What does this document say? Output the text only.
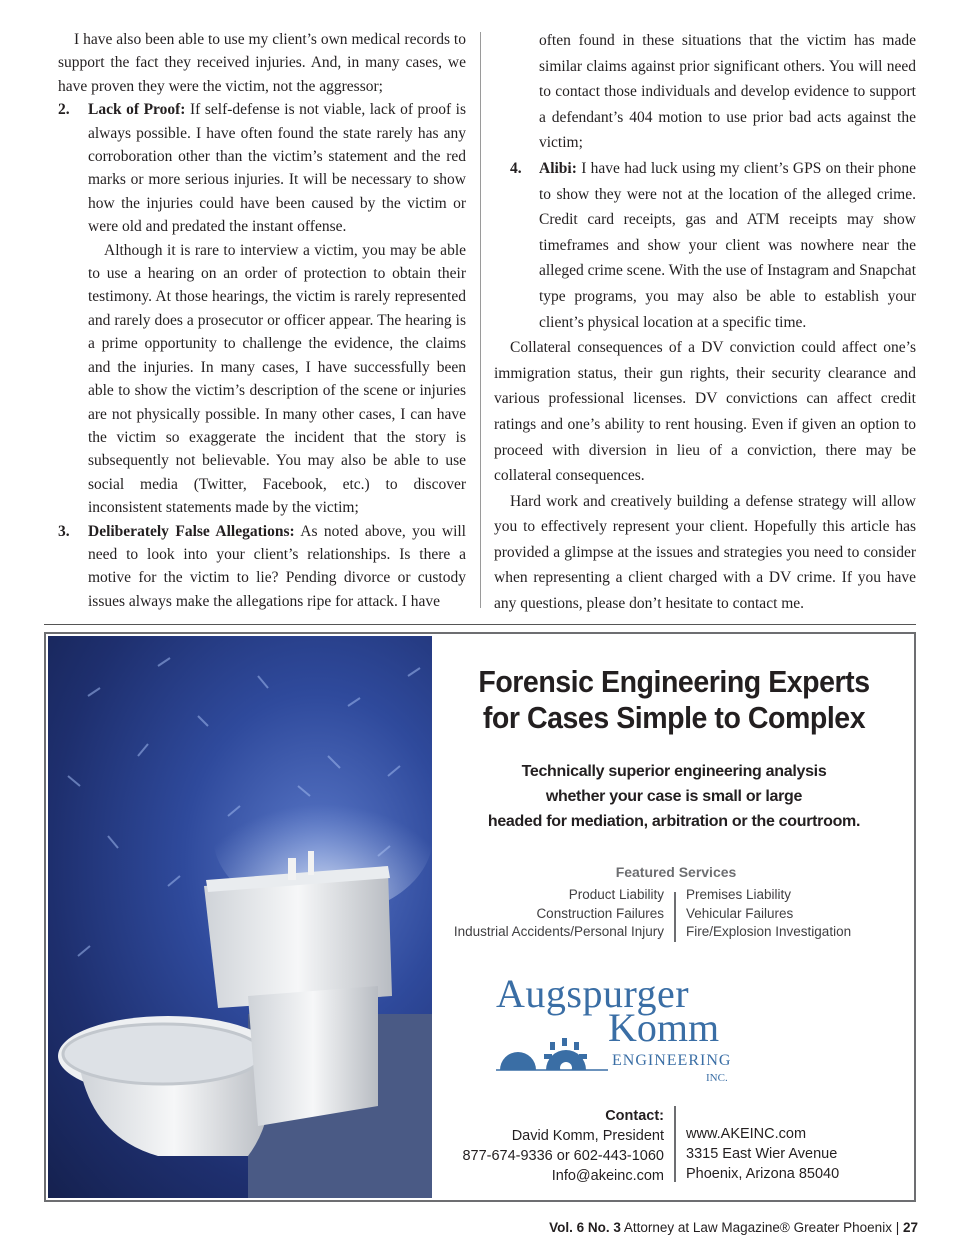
I have also been able to use my client’s own medical records to support the fact they received injuries. And, in many cases, we have proven they were the victim, not the aggressor;

2. Lack of Proof: If self-defense is not viable, lack of proof is always possible. I have often found the state rarely has any corroboration other than the victim’s statement and the red marks or more serious injuries. It will be necessary to show how the injuries could have been caused by the victim or were old and predated the instant offense.

Although it is rare to interview a victim, you may be able to use a hearing on an order of protection to obtain their testimony. At those hearings, the victim is rarely represented and rarely does a prosecutor or officer appear. The hearing is a prime opportunity to challenge the evidence, the claims and the injuries. In many cases, I have successfully been able to show the victim’s description of the scene or injuries are not physically possible. In many other cases, I can have the victim so exaggerate the incident that the story is subsequently not believable. You may also be able to use social media (Twitter, Facebook, etc.) to discover inconsistent statements made by the victim;

3. Deliberately False Allegations: As noted above, you will need to look into your client’s relationships. Is there a motive for the victim to lie? Pending divorce or custody issues always make the allegations ripe for attack. I have

often found in these situations that the victim has made similar claims against prior significant others. You will need to contact those individuals and develop evidence to support a defendant’s 404 motion to use prior bad acts against the victim;

4. Alibi: I have had luck using my client’s GPS on their phone to show they were not at the location of the alleged crime. Credit card receipts, gas and ATM receipts may show timeframes and show your client was nowhere near the alleged crime scene. With the use of Instagram and Snapchat type programs, you may also be able to establish your client’s physical location at a specific time.

Collateral consequences of a DV conviction could affect one’s immigration status, their gun rights, their security clearance and various professional licenses. DV convictions can affect credit ratings and one’s ability to rent housing. Even if given an option to proceed with diversion in lieu of a conviction, there may be collateral consequences.

Hard work and creatively building a defense strategy will allow you to effectively represent your client. Hopefully this article has provided a glimpse at the issues and strategies you need to consider when representing a client charged with a DV crime. If you have any questions, please don’t hesitate to contact me.

Forensic Engineering Experts
for Cases Simple to Complex
Technically superior engineering analysis
whether your case is small or large
headed for mediation, arbitration or the courtroom.
Featured Services
Product Liability
Construction Failures
Industrial Accidents/Personal Injury
Premises Liability
Vehicular Failures
Fire/Explosion Investigation
Augspurger
Komm
ENGINEERING
INC.
Contact:
David Komm, President
877-674-9336 or 602-443-1060
Info@akeinc.com
www.AKEINC.com
3315 East Wier Avenue
Phoenix, Arizona 85040
Vol. 6 No. 3 Attorney at Law Magazine® Greater Phoenix | 27
